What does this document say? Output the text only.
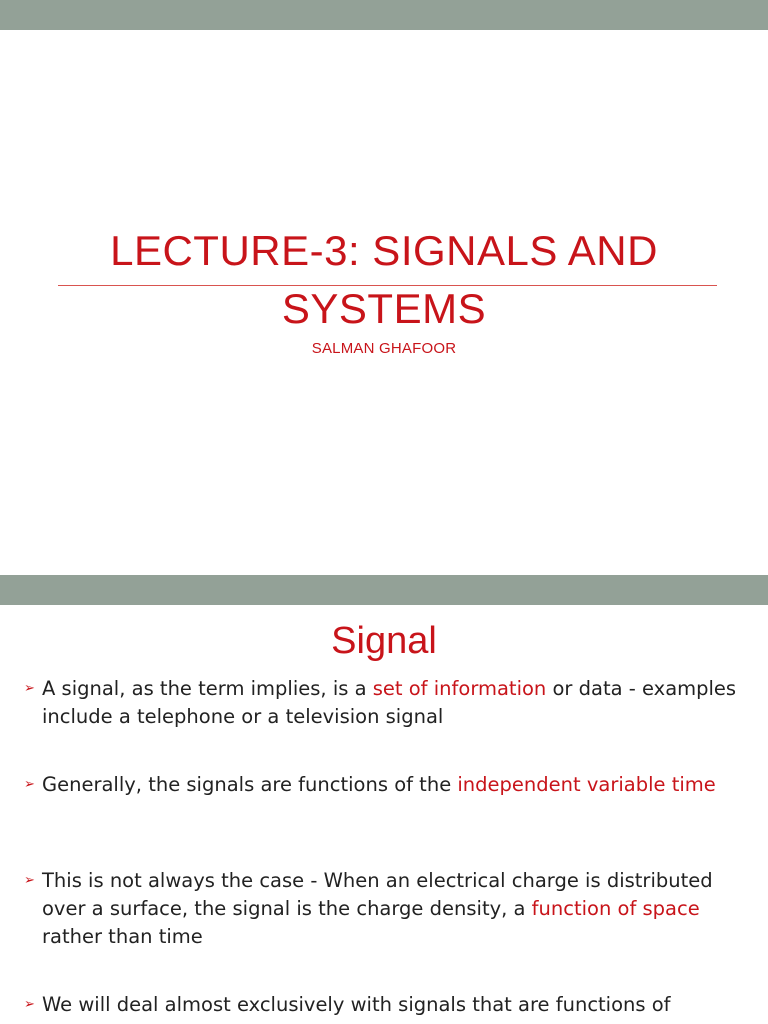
LECTURE-3: SIGNALS AND
SYSTEMS
SALMAN GHAFOOR
Signal
➢ A signal, as the term implies, is a set of information or data - examples include a telephone or a television signal
➢ Generally, the signals are functions of the independent variable time
➢ This is not always the case - When an electrical charge is distributed over a surface, the signal is the charge density, a function of space rather than time
➢ We will deal almost exclusively with signals that are functions of
